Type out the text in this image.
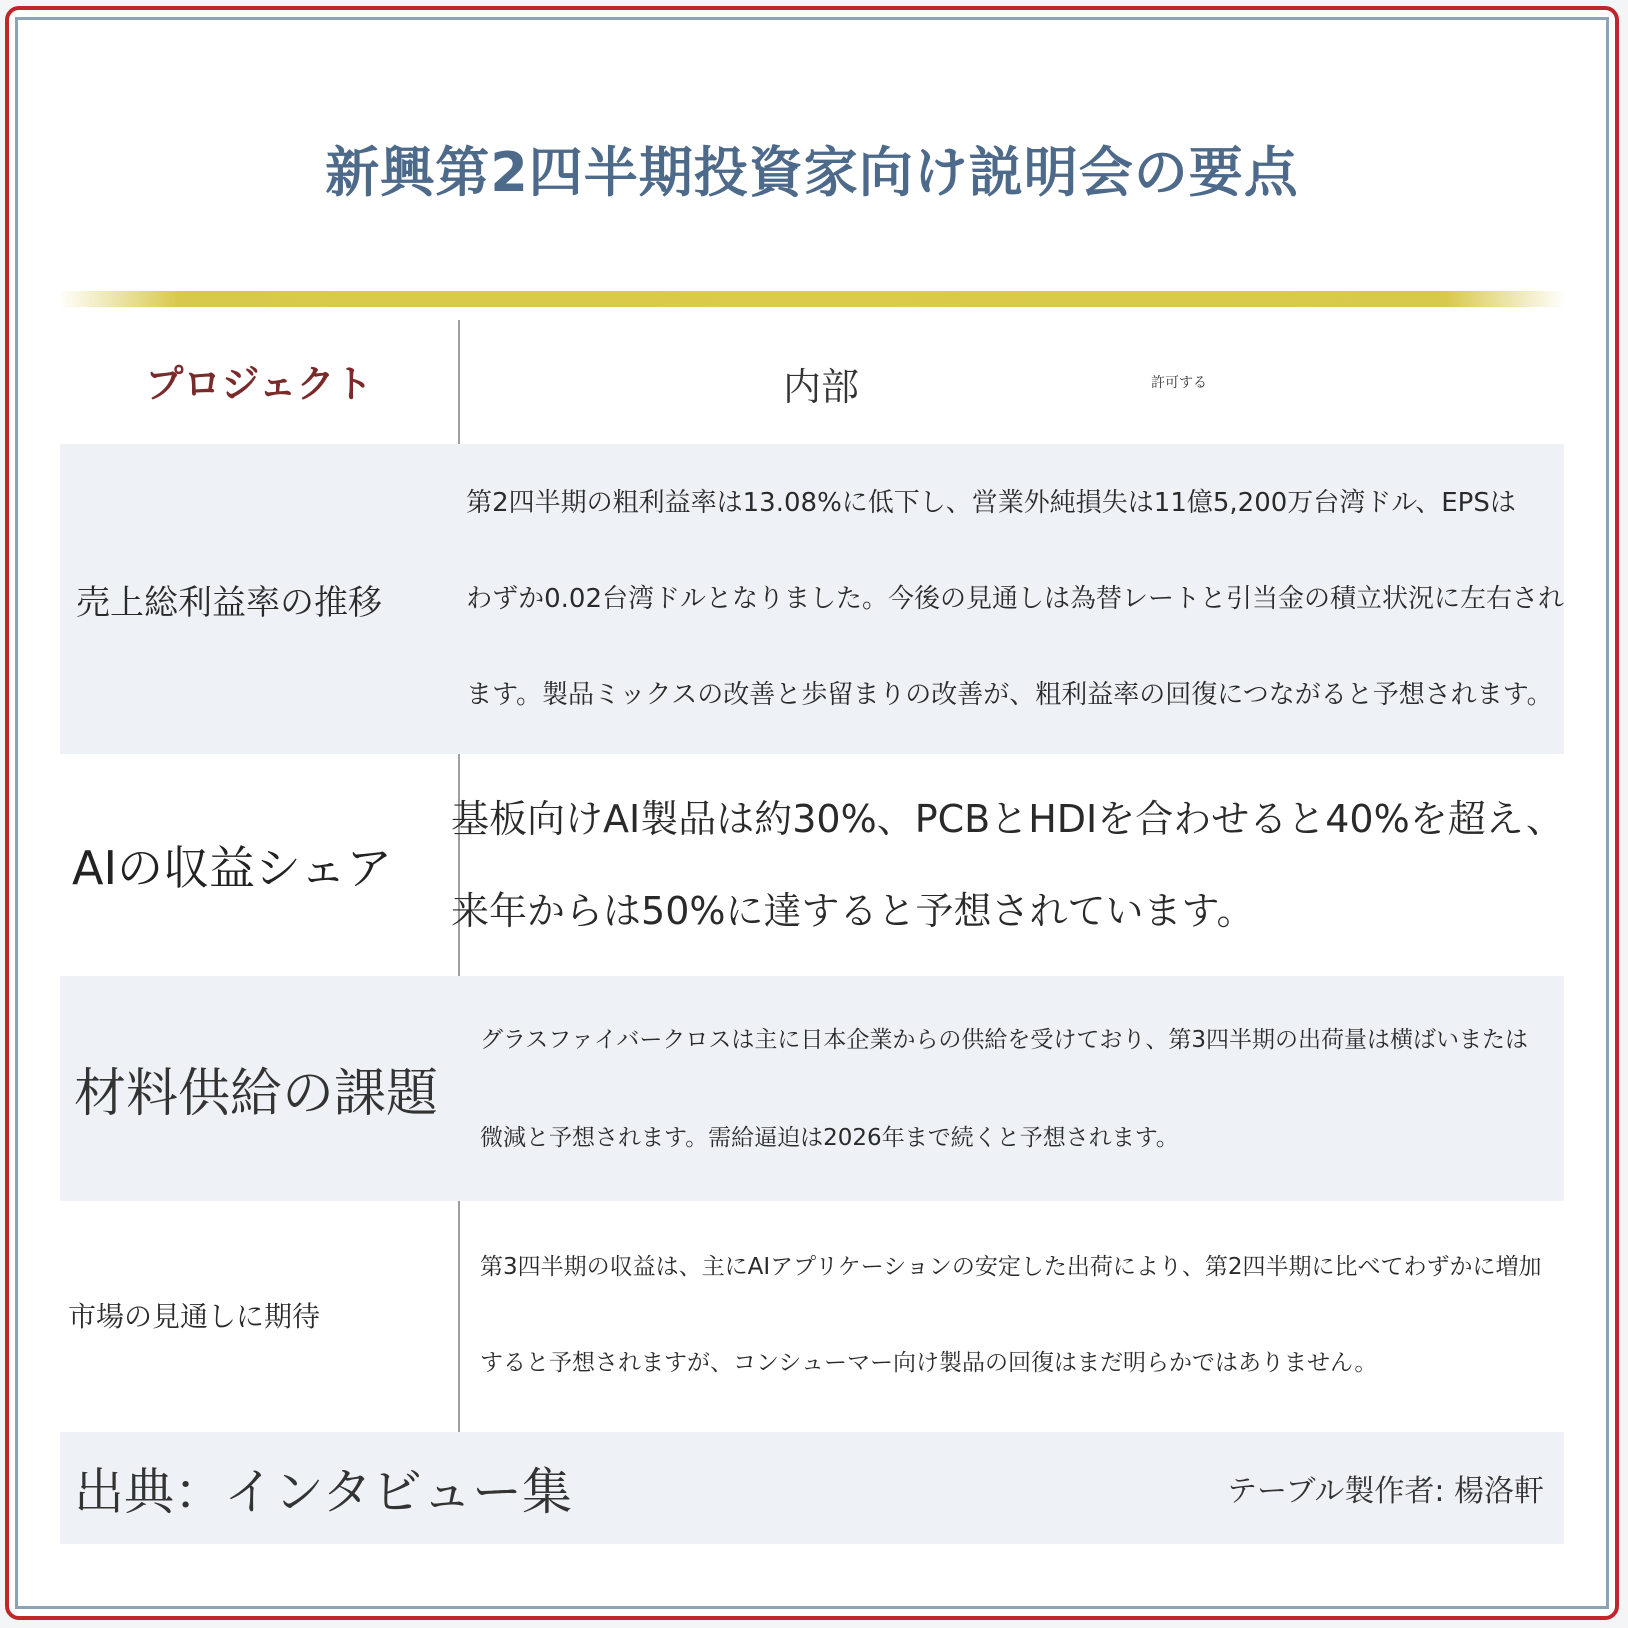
新興第2四半期投資家向け説明会の要点
プロジェクト	内部	許可する
売上総利益率の推移
第2四半期の粗利益率は13.08%に低下し、営業外純損失は11億5,200万台湾ドル、EPSは
わずか0.02台湾ドルとなりました。今後の見通しは為替レートと引当金の積立状況に左右され
ます。製品ミックスの改善と歩留まりの改善が、粗利益率の回復につながると予想されます。
AIの収益シェア
基板向けAI製品は約30%、PCBとHDIを合わせると40%を超え、
来年からは50%に達すると予想されています。
材料供給の課題
グラスファイバークロスは主に日本企業からの供給を受けており、第3四半期の出荷量は横ばいまたは
微減と予想されます。需給逼迫は2026年まで続くと予想されます。
市場の見通しに期待
第3四半期の収益は、主にAIアプリケーションの安定した出荷により、第2四半期に比べてわずかに増加
すると予想されますが、コンシューマー向け製品の回復はまだ明らかではありません。
出典：インタビュー集	テーブル製作者: 楊洛軒
